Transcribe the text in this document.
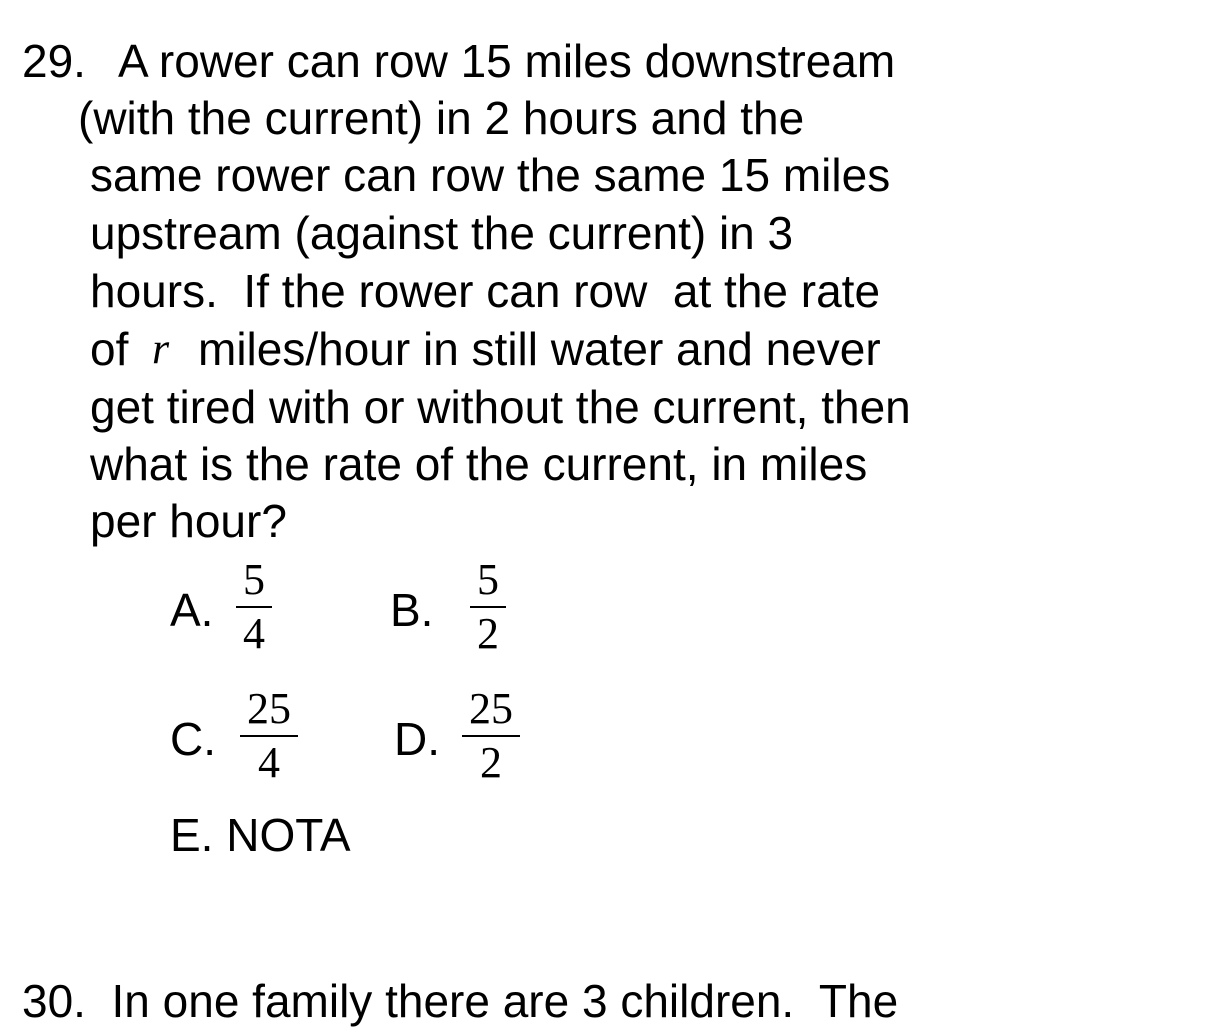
29. A rower can row 15 miles downstream
(with the current) in 2 hours and the
same rower can row the same 15 miles
upstream (against the current) in 3
hours.  If the rower can row  at the rate
of r miles/hour in still water and never
get tired with or without the current, then
what is the rate of the current, in miles
per hour?
A.
5
4	B.
5
2
C.
25
4	D.
25
2
E. NOTA
30.  In one family there are 3 children.  The
